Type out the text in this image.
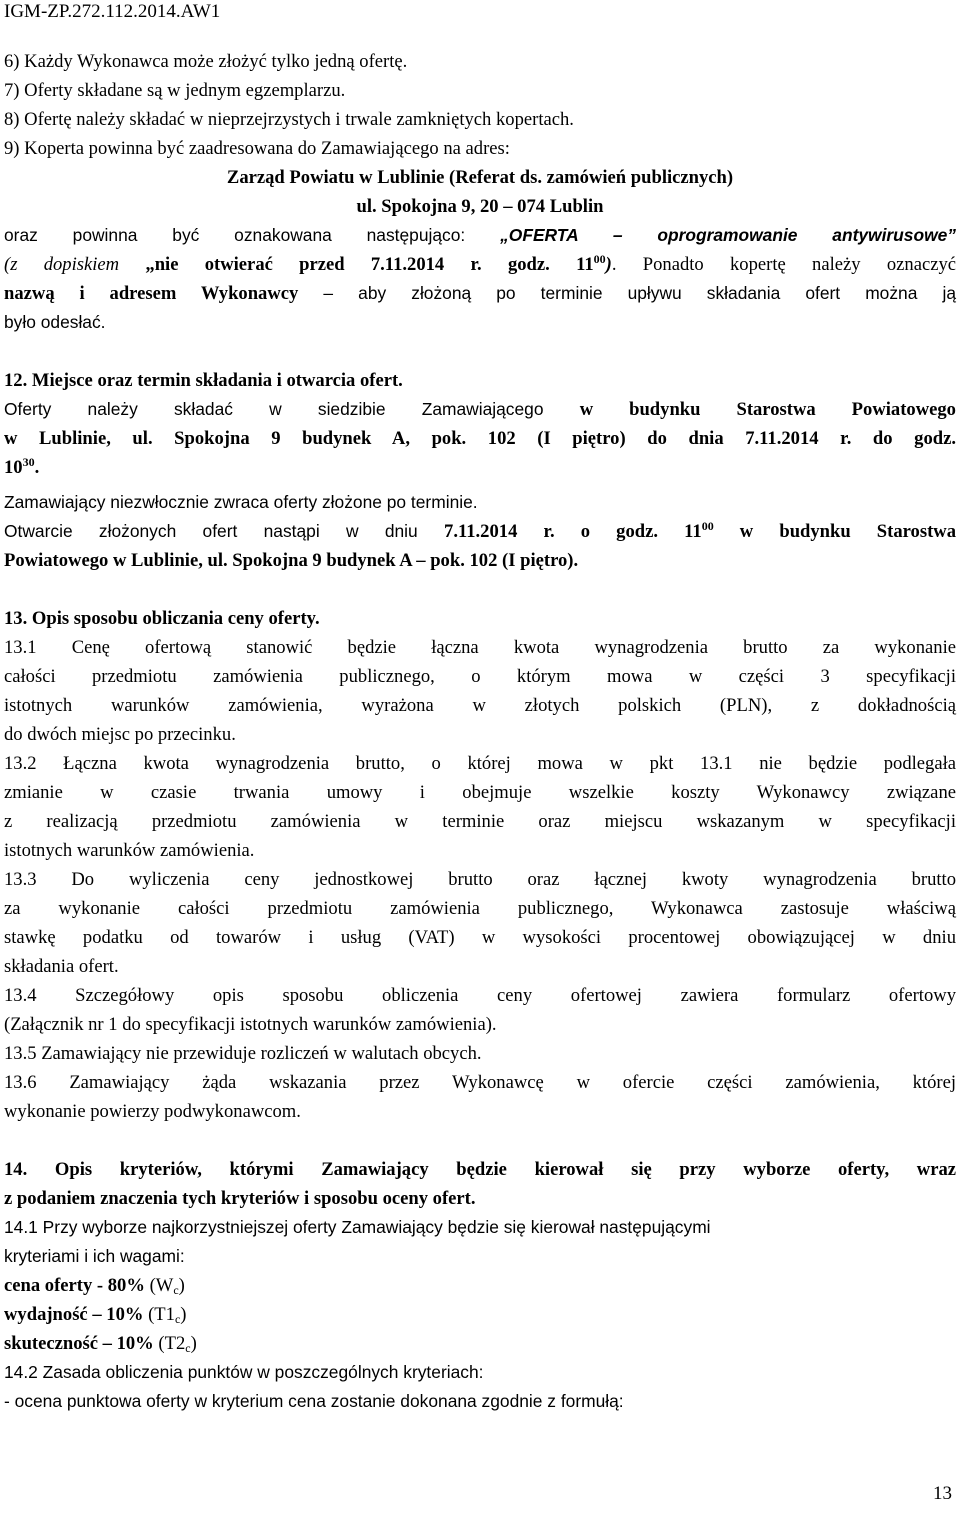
IGM-ZP.272.112.2014.AW1

6) Każdy Wykonawca może złożyć tylko jedną ofertę.

7) Oferty składane są w jednym egzemplarzu.

8) Ofertę należy składać w nieprzejrzystych i trwale zamkniętych kopertach.

9) Koperta powinna być zaadresowana do Zamawiającego na adres:

Zarząd Powiatu w Lublinie (Referat ds. zamówień publicznych)

ul. Spokojna 9, 20 – 074 Lublin

oraz powinna być oznakowana następująco: „OFERTA – oprogramowanie antywirusowe”

(z dopiskiem „nie otwierać przed 7.11.2014 r. godz. $11^{00}$). Ponadto kopertę należy oznaczyć

nazwą i adresem Wykonawcy – aby złożoną po terminie upływu składania ofert można ją

było odesłać.

12. Miejsce oraz termin składania i otwarcia ofert.

Oferty należy składać w siedzibie Zamawiającego w budynku Starostwa Powiatowego

w Lublinie, ul. Spokojna 9 budynek A, pok. 102 (I piętro) do dnia 7.11.2014 r. do godz.

$10^{30}$.

Zamawiający niezwłocznie zwraca oferty złożone po terminie.

Otwarcie złożonych ofert nastąpi w dniu 7.11.2014 r. o godz. $11^{00}$ w budynku Starostwa

Powiatowego w Lublinie, ul. Spokojna 9 budynek A – pok. 102 (I piętro).

13. Opis sposobu obliczania ceny oferty.

13.1 Cenę ofertową stanowić będzie łączna kwota wynagrodzenia brutto za wykonanie

całości przedmiotu zamówienia publicznego, o którym mowa w części 3 specyfikacji

istotnych warunków zamówienia, wyrażona w złotych polskich (PLN), z dokładnością

do dwóch miejsc po przecinku.

13.2 Łączna kwota wynagrodzenia brutto, o której mowa w pkt 13.1 nie będzie podlegała

zmianie w czasie trwania umowy i obejmuje wszelkie koszty Wykonawcy związane

z realizacją przedmiotu zamówienia w terminie oraz miejscu wskazanym w specyfikacji

istotnych warunków zamówienia.

13.3 Do wyliczenia ceny jednostkowej brutto oraz łącznej kwoty wynagrodzenia brutto

za wykonanie całości przedmiotu zamówienia publicznego, Wykonawca zastosuje właściwą

stawkę podatku od towarów i usług (VAT) w wysokości procentowej obowiązującej w dniu

składania ofert.

13.4 Szczegółowy opis sposobu obliczenia ceny ofertowej zawiera formularz ofertowy

(Załącznik nr 1 do specyfikacji istotnych warunków zamówienia).

13.5 Zamawiający nie przewiduje rozliczeń w walutach obcych.

13.6 Zamawiający żąda wskazania przez Wykonawcę w ofercie części zamówienia, której

wykonanie powierzy podwykonawcom.

14. Opis kryteriów, którymi Zamawiający będzie kierował się przy wyborze oferty, wraz

z podaniem znaczenia tych kryteriów i sposobu oceny ofert.

14.1 Przy wyborze najkorzystniejszej oferty Zamawiający będzie się kierował następującymi

kryteriami i ich wagami:

cena oferty - 80% $(W_c)$

wydajność – 10% $(T1_c)$

skuteczność – 10% $(T2_c)$

14.2 Zasada obliczenia punktów w poszczególnych kryteriach:

- ocena punktowa oferty w kryterium cena zostanie dokonana zgodnie z formułą:

13
